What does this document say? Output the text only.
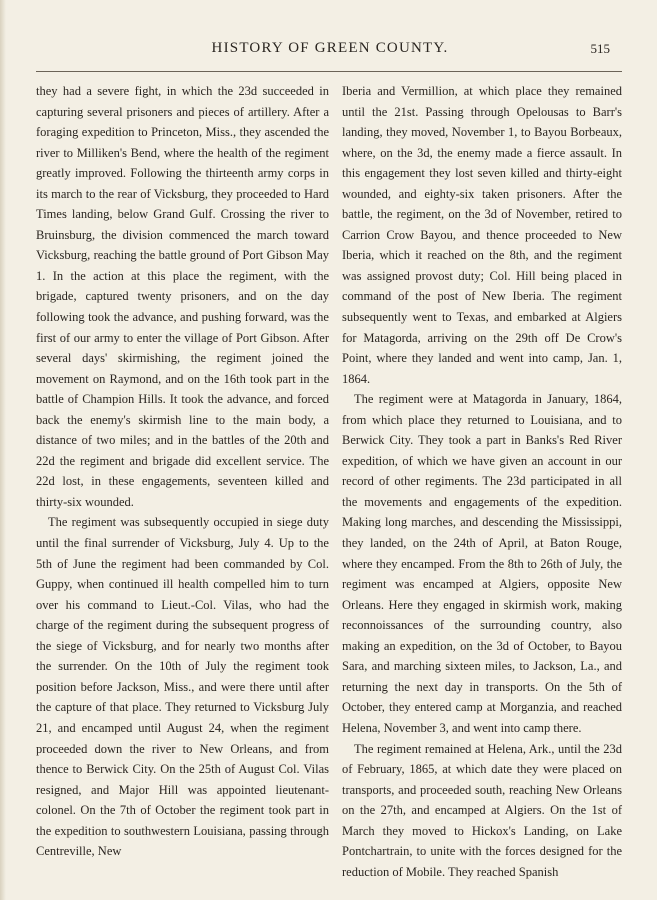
HISTORY OF GREEN COUNTY.	515

they had a severe fight, in which the 23d succeeded in capturing several prisoners and pieces of artillery. After a foraging expedition to Princeton, Miss., they ascended the river to Milliken's Bend, where the health of the regiment greatly improved. Following the thirteenth army corps in its march to the rear of Vicksburg, they proceeded to Hard Times landing, below Grand Gulf. Crossing the river to Bruinsburg, the division commenced the march toward Vicksburg, reaching the battle ground of Port Gibson May 1. In the action at this place the regiment, with the brigade, captured twenty prisoners, and on the day following took the advance, and pushing forward, was the first of our army to enter the village of Port Gibson. After several days' skirmishing, the regiment joined the movement on Raymond, and on the 16th took part in the battle of Champion Hills. It took the advance, and forced back the enemy's skirmish line to the main body, a distance of two miles; and in the battles of the 20th and 22d the regiment and brigade did excellent service. The 22d lost, in these engagements, seventeen killed and thirty-six wounded.

The regiment was subsequently occupied in siege duty until the final surrender of Vicksburg, July 4. Up to the 5th of June the regiment had been commanded by Col. Guppy, when continued ill health compelled him to turn over his command to Lieut.-Col. Vilas, who had the charge of the regiment during the subsequent progress of the siege of Vicksburg, and for nearly two months after the surrender. On the 10th of July the regiment took position before Jackson, Miss., and were there until after the capture of that place. They returned to Vicksburg July 21, and encamped until August 24, when the regiment proceeded down the river to New Orleans, and from thence to Berwick City. On the 25th of August Col. Vilas resigned, and Major Hill was appointed lieutenant-colonel. On the 7th of October the regiment took part in the expedition to southwestern Louisiana, passing through Centreville, New

Iberia and Vermillion, at which place they remained until the 21st. Passing through Opelousas to Barr's landing, they moved, November 1, to Bayou Borbeaux, where, on the 3d, the enemy made a fierce assault. In this engagement they lost seven killed and thirty-eight wounded, and eighty-six taken prisoners. After the battle, the regiment, on the 3d of November, retired to Carrion Crow Bayou, and thence proceeded to New Iberia, which it reached on the 8th, and the regiment was assigned provost duty; Col. Hill being placed in command of the post of New Iberia. The regiment subsequently went to Texas, and embarked at Algiers for Matagorda, arriving on the 29th off De Crow's Point, where they landed and went into camp, Jan. 1, 1864.

The regiment were at Matagorda in January, 1864, from which place they returned to Louisiana, and to Berwick City. They took a part in Banks's Red River expedition, of which we have given an account in our record of other regiments. The 23d participated in all the movements and engagements of the expedition. Making long marches, and descending the Mississippi, they landed, on the 24th of April, at Baton Rouge, where they encamped. From the 8th to 26th of July, the regiment was encamped at Algiers, opposite New Orleans. Here they engaged in skirmish work, making reconnoissances of the surrounding country, also making an expedition, on the 3d of October, to Bayou Sara, and marching sixteen miles, to Jackson, La., and returning the next day in transports. On the 5th of October, they entered camp at Morganzia, and reached Helena, November 3, and went into camp there.

The regiment remained at Helena, Ark., until the 23d of February, 1865, at which date they were placed on transports, and proceeded south, reaching New Orleans on the 27th, and encamped at Algiers. On the 1st of March they moved to Hickox's Landing, on Lake Pontchartrain, to unite with the forces designed for the reduction of Mobile. They reached Spanish
